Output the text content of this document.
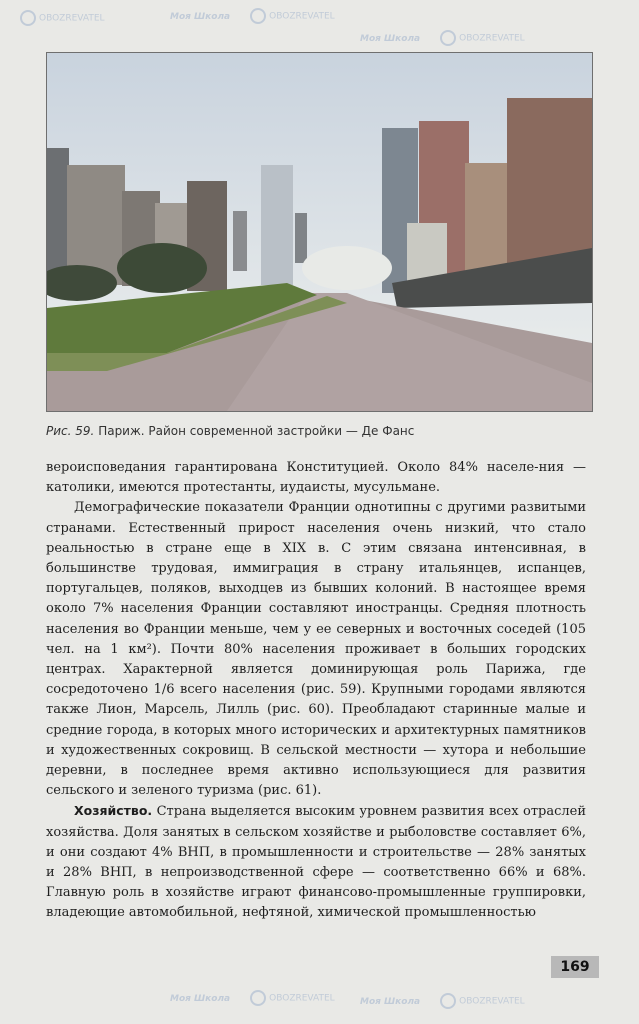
Рис. 59. Париж. Район современной застройки — Де Фанс

вероисповедания гарантирована Конституцией. Около 84% населе-ния — католики, имеются протестанты, иудаисты, мусульмане.

Демографические показатели Франции однотипны с другими развитыми странами. Естественный прирост населения очень низкий, что стало реальностью в стране еще в XIX в. С этим связана интенсивная, в большинстве трудовая, иммиграция в страну итальянцев, испанцев, португальцев, поляков, выходцев из бывших колоний. В настоящее время около 7% населения Франции составляют иностранцы. Средняя плотность населения во Франции меньше, чем у ее северных и восточных соседей (105 чел. на 1 км²). Почти 80% населения проживает в больших городских центрах. Характерной является доминирующая роль Парижа, где сосредоточено 1/6 всего населения (рис. 59). Крупными городами являются также Лион, Марсель, Лилль (рис. 60). Преобладают старинные малые и средние города, в которых много исторических и архитектурных памятников и художественных сокровищ. В сельской местности — хутора и небольшие деревни, в последнее время активно использующиеся для развития сельского и зеленого туризма (рис. 61).

Хозяйство. Страна выделяется высоким уровнем развития всех отраслей хозяйства. Доля занятых в сельском хозяйстве и рыболовстве составляет 6%, и они создают 4% ВНП, в промышленности и строительстве — 28% занятых и 28% ВНП, в непроизводственной сфере — соответственно 66% и 68%. Главную роль в хозяйстве играют финансово-промышленные группировки, владеющие автомобильной, нефтяной, химической промышленностью

169
OBOZREVATEL	Моя Школа	OBOZREVATEL
Моя Школа	OBOZREVATEL
Моя Школа	OBOZREVATEL	Моя Школа	OBOZREVATEL
